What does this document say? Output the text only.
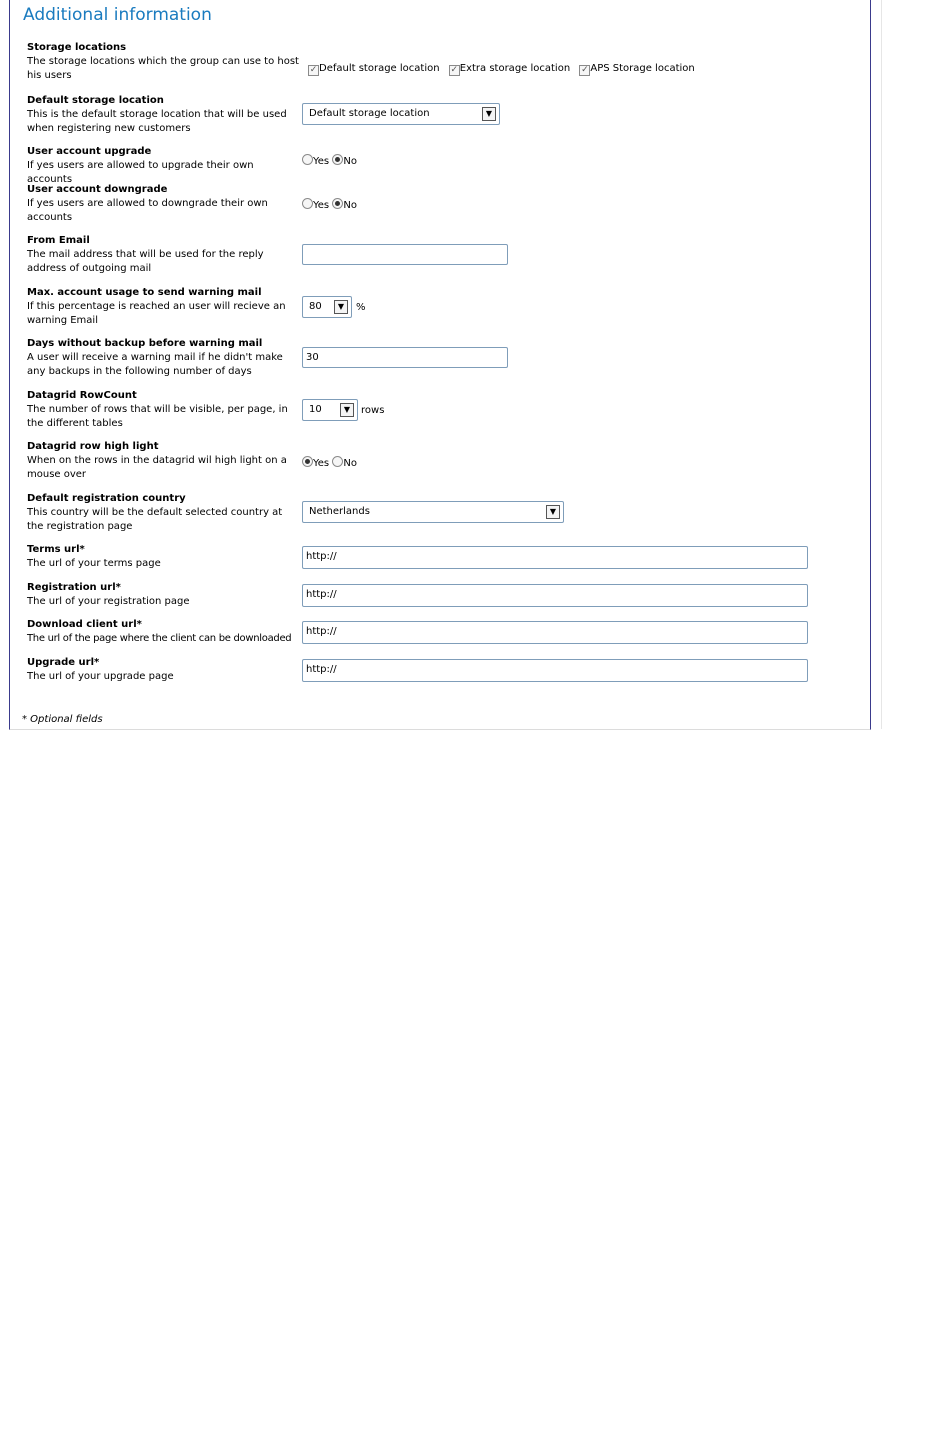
Additional information
Storage locations
The storage locations which the group can use to host his users	✓ Default storage location ✓ Extra storage location ✓ APS Storage location
Default storage location
This is the default storage location that will be used when registering new customers
Default storage location	▼
User account upgrade
If yes users are allowed to upgrade their own accounts
Yes No
User account downgrade
If yes users are allowed to downgrade their own accounts
Yes No
From Email
The mail address that will be used for the reply address of outgoing mail
Max. account usage to send warning mail
If this percentage is reached an user will recieve an warning Email
80	▼	%
Days without backup before warning mail
A user will receive a warning mail if he didn't make any backups in the following number of days
30
Datagrid RowCount
The number of rows that will be visible, per page, in the different tables
10	▼	rows
Datagrid row high light
When on the rows in the datagrid wil high light on a mouse over
Yes No
Default registration country
This country will be the default selected country at the registration page
Netherlands	▼
Terms url*
The url of your terms page
http://
Registration url*
The url of your registration page
http://
Download client url*
The url of the page where the client can be downloaded
http://
Upgrade url*
The url of your upgrade page
http://
* Optional fields
